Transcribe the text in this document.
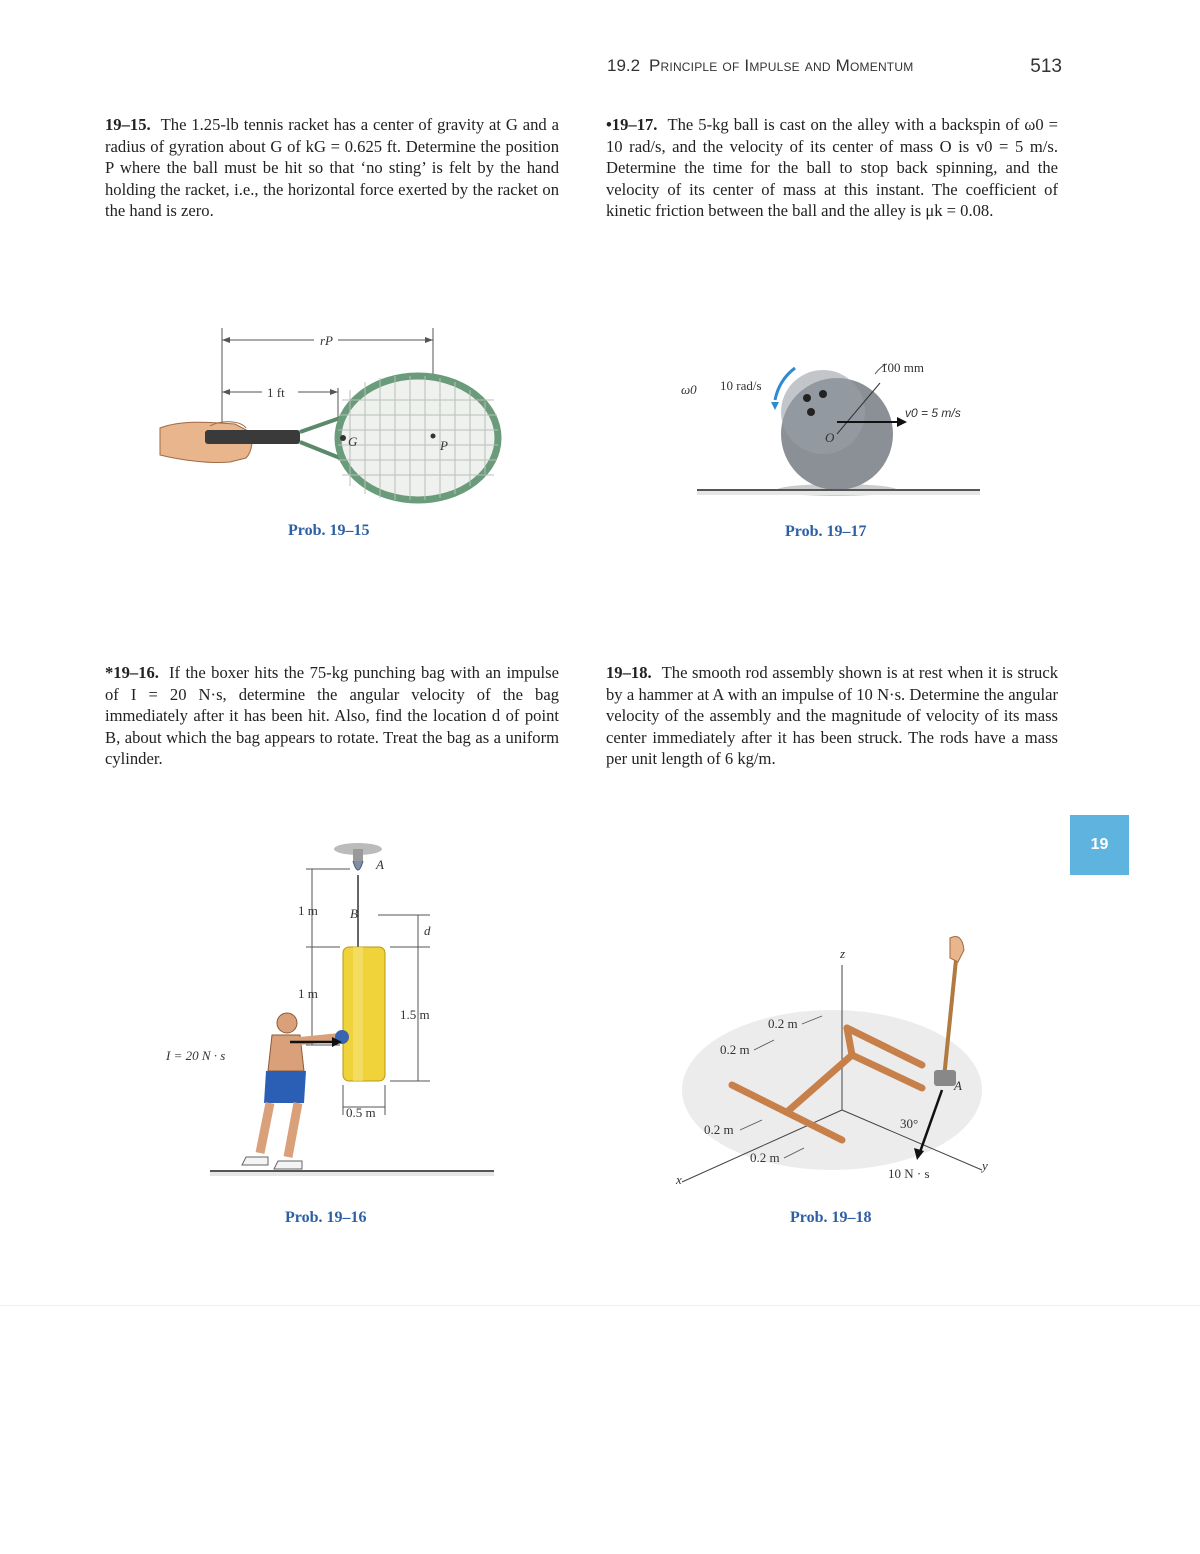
19.2 Principle of Impulse and Momentum	513
19–15. The 1.25-lb tennis racket has a center of gravity at G and a radius of gyration about G of kG = 0.625 ft. Determine the position P where the ball must be hit so that ‘no sting’ is felt by the hand holding the racket, i.e., the horizontal force exerted by the racket on the hand is zero.
•19–17. The 5-kg ball is cast on the alley with a backspin of ω0 = 10 rad/s, and the velocity of its center of mass O is v0 = 5 m/s. Determine the time for the ball to stop back spinning, and the velocity of its center of mass at this instant. The coefficient of kinetic friction between the ball and the alley is μk = 0.08.
rP
1 ft
G	P
Prob. 19–15
ω0 10 rad/s
100 mm
v0 = 5 m/s
O
Prob. 19–17
*19–16. If the boxer hits the 75-kg punching bag with an impulse of I = 20 N·s, determine the angular velocity of the bag immediately after it has been hit. Also, find the location d of point B, about which the bag appears to rotate. Treat the bag as a uniform cylinder.
19–18. The smooth rod assembly shown is at rest when it is struck by a hammer at A with an impulse of 10 N·s. Determine the angular velocity of the assembly and the magnitude of velocity of its mass center immediately after it has been struck. The rods have a mass per unit length of 6 kg/m.
19
A
1 m
1 m
B
d
1.5 m
0.5 m
I = 20 N · s
Prob. 19–16
z
x
y
A
30°
10 N · s
0.2 m
0.2 m
0.2 m
0.2 m
Prob. 19–18
